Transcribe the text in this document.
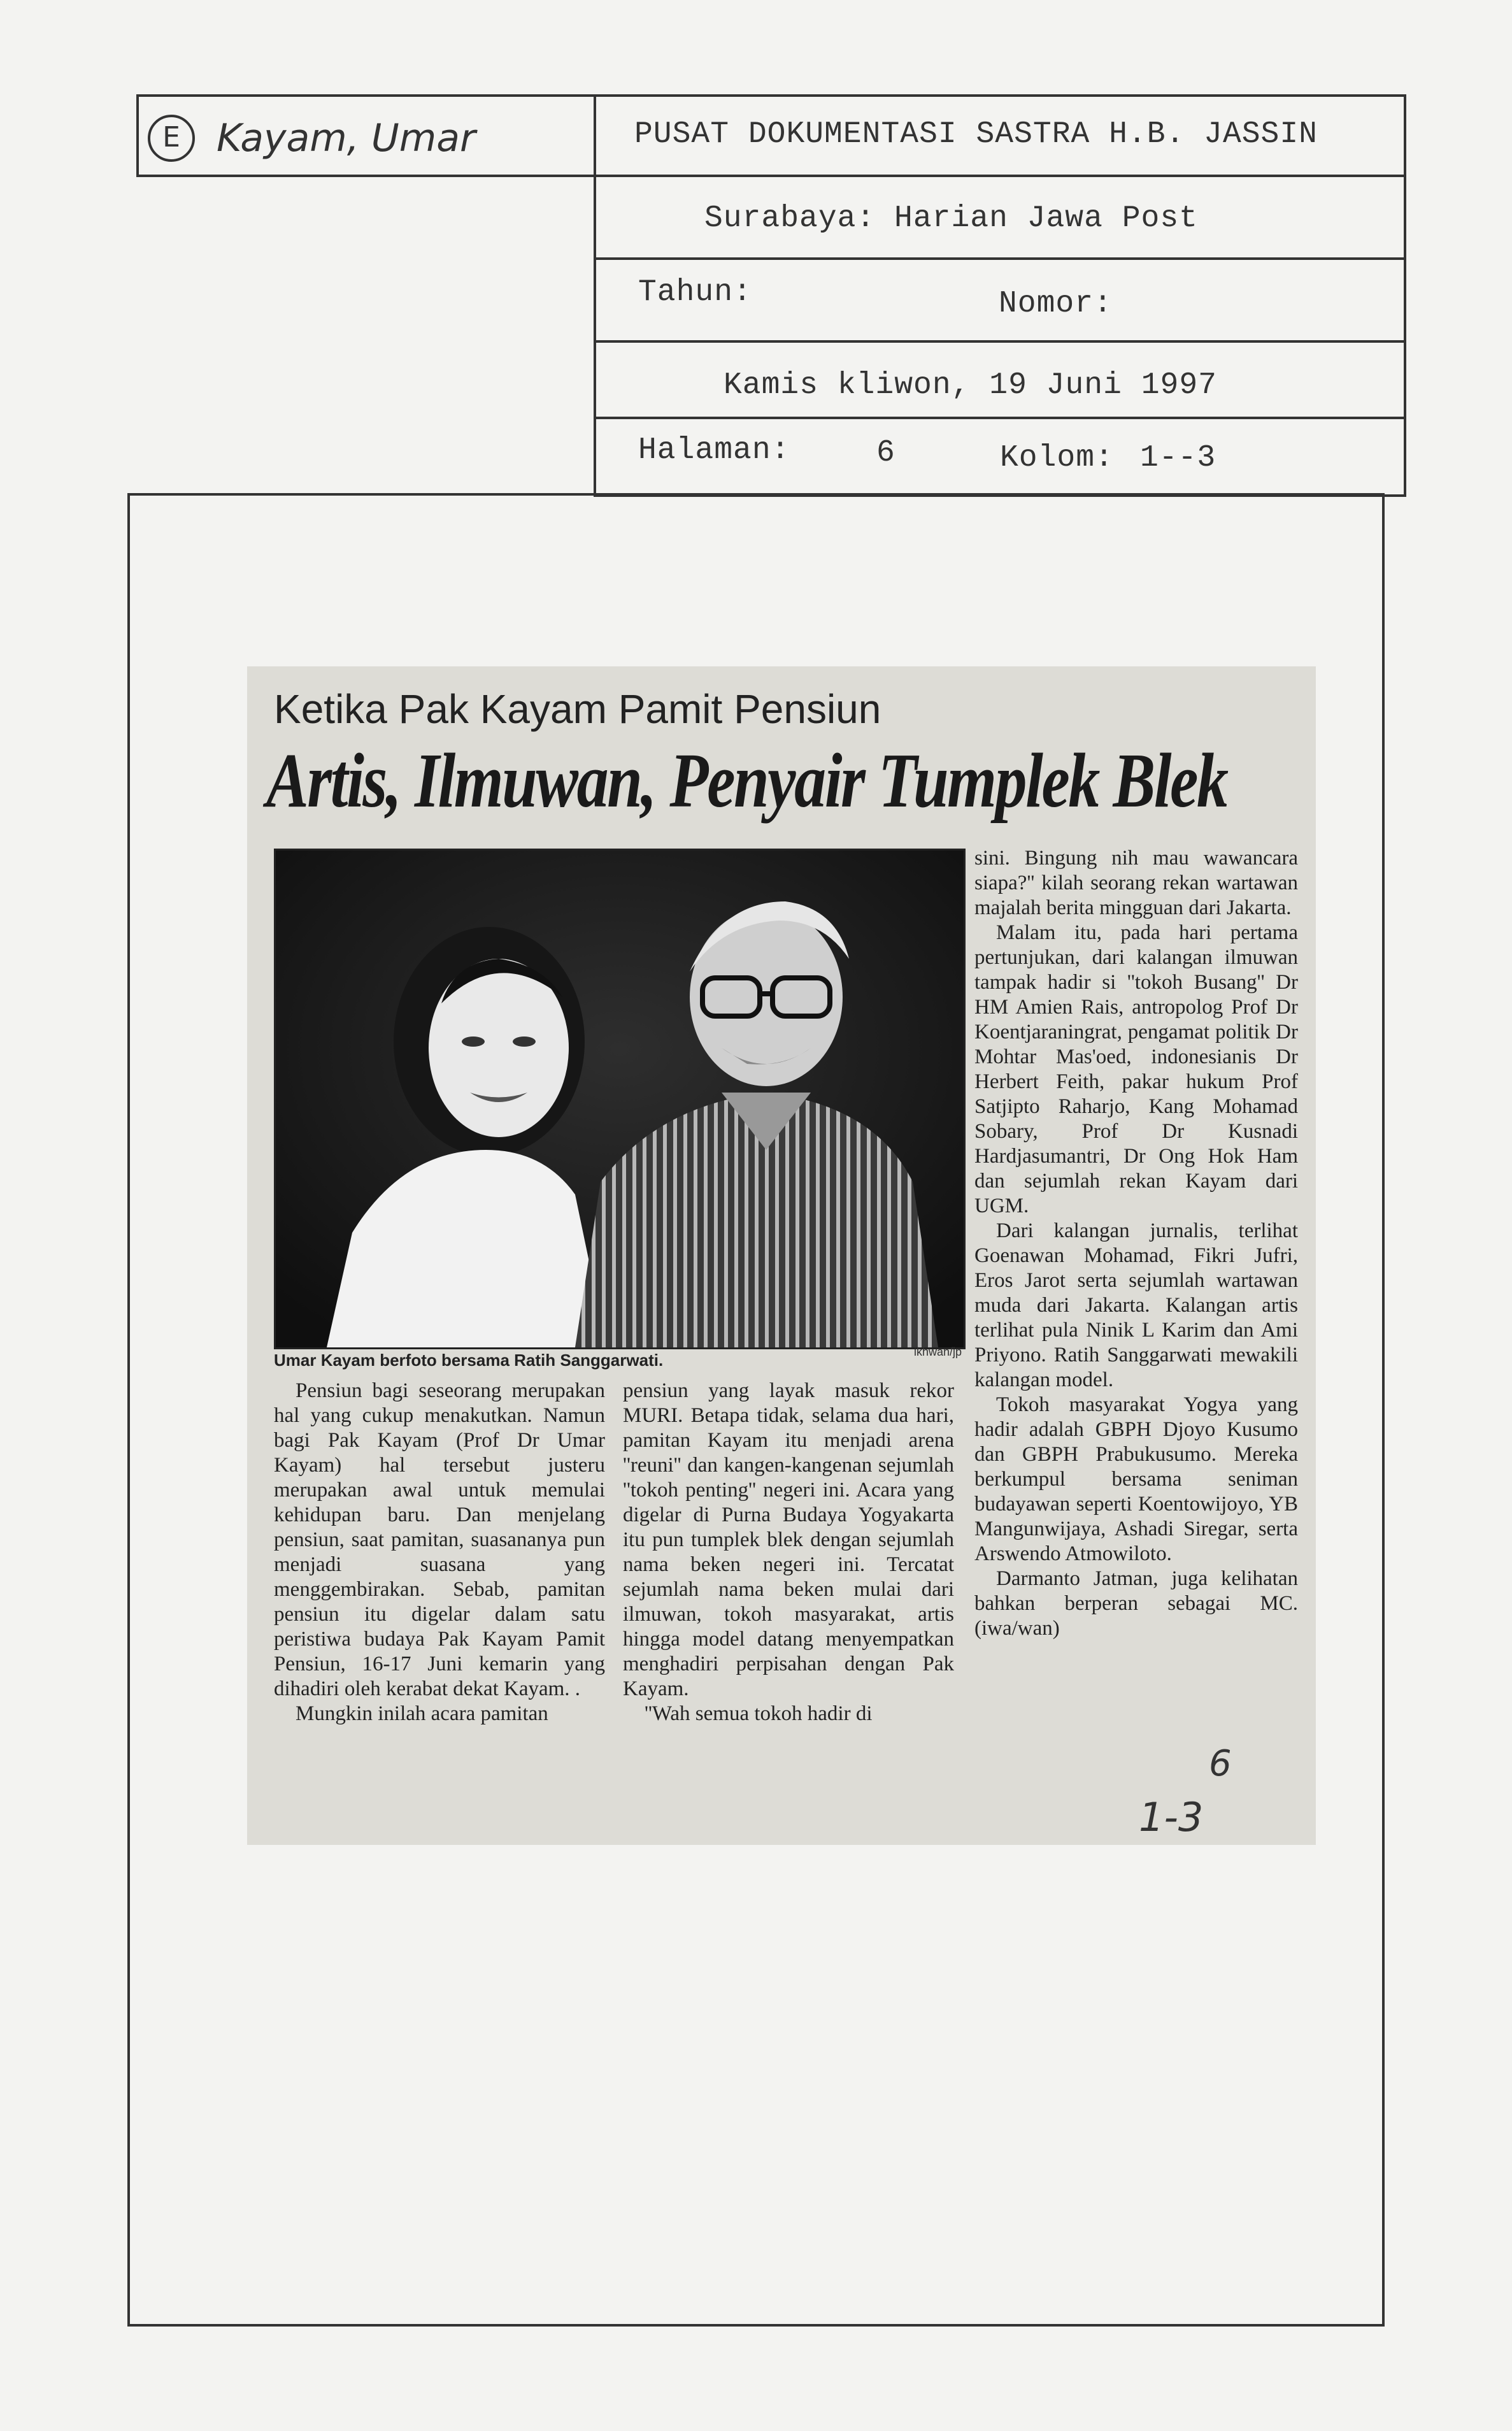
E Kayam, Umar	PUSAT DOKUMENTASI SASTRA H.B. JASSIN
Surabaya: Harian Jawa Post
Tahun:	Nomor:
Kamis kliwon, 19 Juni 1997
Halaman:	6	Kolom: 1--3
Ketika Pak Kayam Pamit Pensiun
Artis, Ilmuwan, Penyair Tumplek Blek
Umar Kayam berfoto bersama Ratih Sanggarwati.	ikhwan/jp

Pensiun bagi seseorang merupakan hal yang cukup menakutkan. Namun bagi Pak Kayam (Prof Dr Umar Kayam) hal tersebut justeru merupakan awal untuk memulai kehidupan baru. Dan menjelang pensiun, saat pamitan, suasananya pun menjadi suasana yang menggembirakan. Sebab, pamitan pensiun itu digelar dalam satu peristiwa budaya Pak Kayam Pamit Pensiun, 16-17 Juni kemarin yang dihadiri oleh kerabat dekat Kayam. .

Mungkin inilah acara pamitan

pensiun yang layak masuk rekor MURI. Betapa tidak, selama dua hari, pamitan Kayam itu menjadi arena ''reuni'' dan kangen-kangenan sejumlah ''tokoh penting'' negeri ini. Acara yang digelar di Purna Budaya Yogyakarta itu pun tumplek blek dengan sejumlah nama beken negeri ini. Tercatat sejumlah nama beken mulai dari ilmuwan, tokoh masyarakat, artis hingga model datang menyempatkan menghadiri perpisahan dengan Pak Kayam.

''Wah semua tokoh hadir di

sini. Bingung nih mau wawancara siapa?'' kilah seorang rekan wartawan majalah berita mingguan dari Jakarta.

Malam itu, pada hari pertama pertunjukan, dari kalangan ilmuwan tampak hadir si ''tokoh Busang'' Dr HM Amien Rais, antropolog Prof Dr Koentjaraningrat, pengamat politik Dr Mohtar Mas'oed, indonesianis Dr Herbert Feith, pakar hukum Prof Satjipto Raharjo, Kang Mohamad Sobary, Prof Dr Kusnadi Hardjasumantri, Dr Ong Hok Ham dan sejumlah rekan Kayam dari UGM.

Dari kalangan jurnalis, terlihat Goenawan Mohamad, Fikri Jufri, Eros Jarot serta sejumlah wartawan muda dari Jakarta. Kalangan artis terlihat pula Ninik L Karim dan Ami Priyono. Ratih Sanggarwati mewakili kalangan model.

Tokoh masyarakat Yogya yang hadir adalah GBPH Djoyo Kusumo dan GBPH Prabukusumo. Mereka berkumpul bersama seniman budayawan seperti Koentowijoyo, YB Mangunwijaya, Ashadi Siregar, serta Arswendo Atmowiloto.

Darmanto Jatman, juga kelihatan bahkan berperan sebagai MC.(iwa/wan)

6
1-3
